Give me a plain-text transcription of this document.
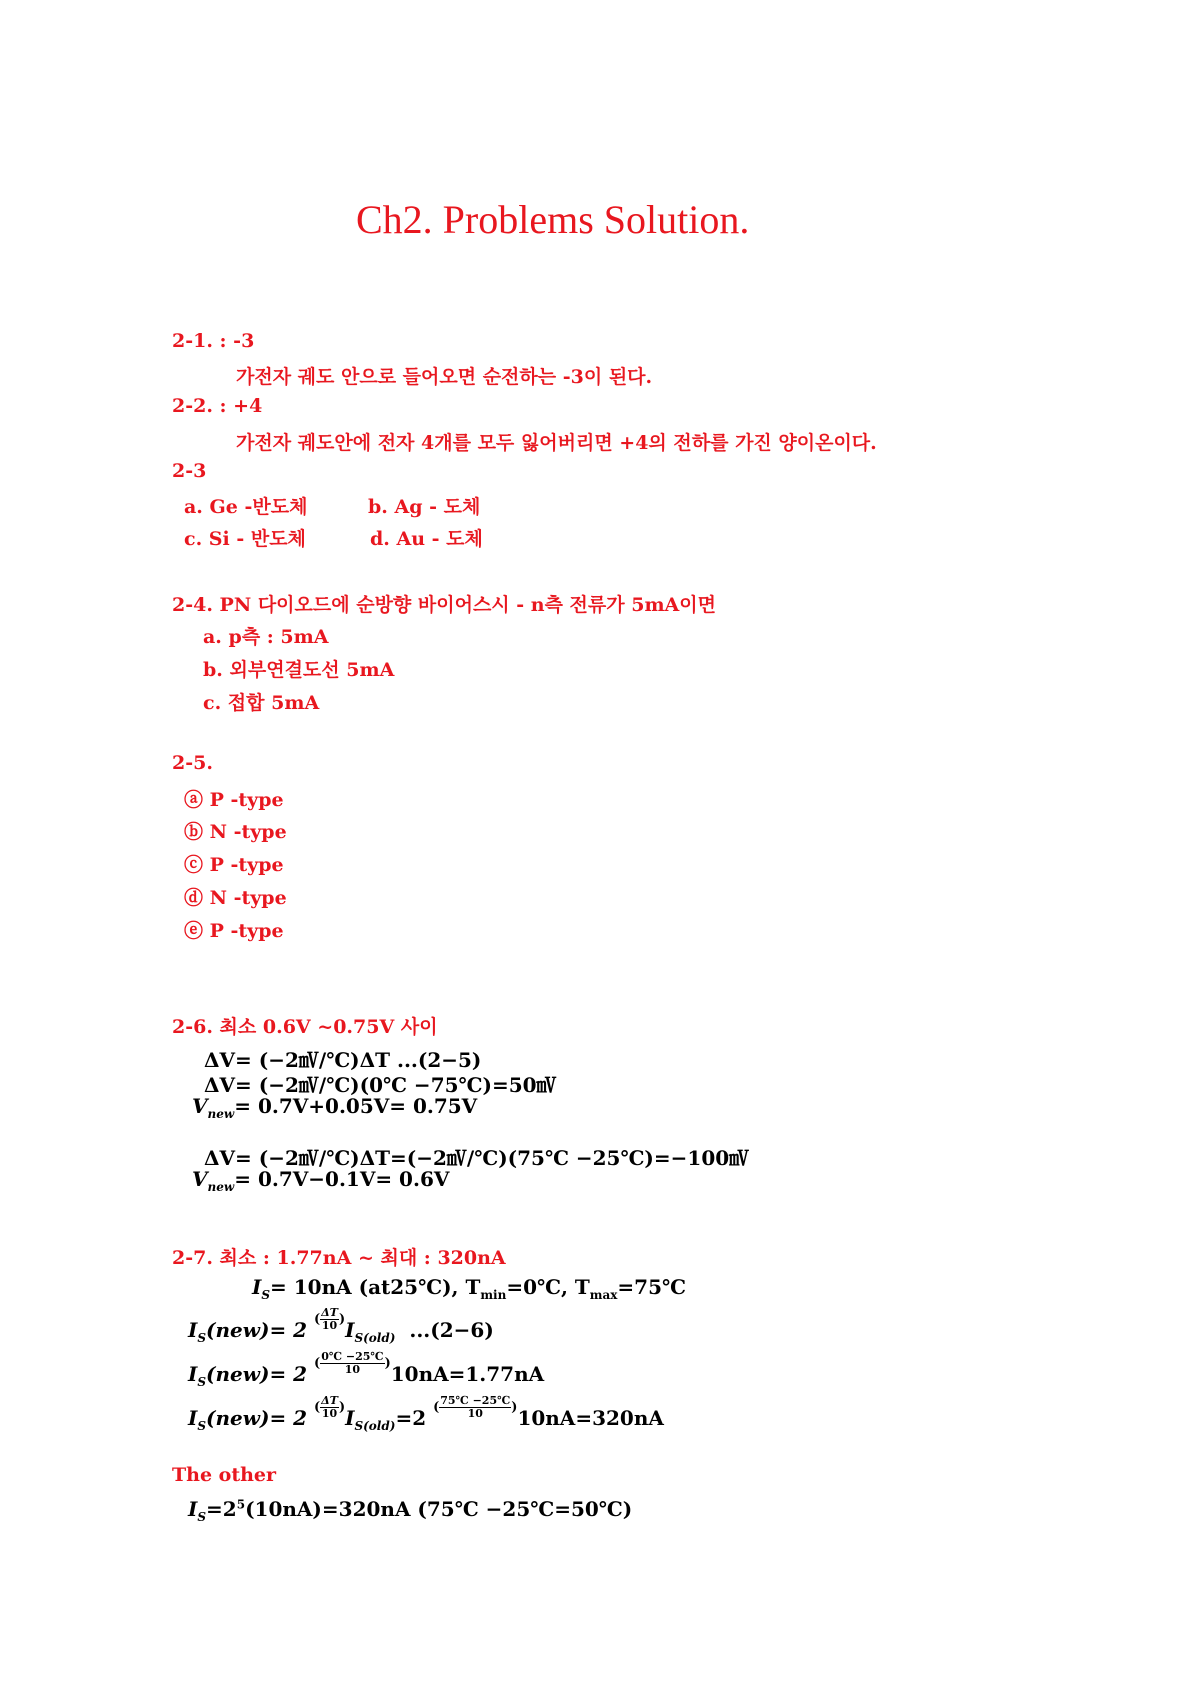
Ch2. Problems Solution.
2-1. : -3
가전자 궤도 안으로 들어오면 순전하는 -3이 된다.
2-2. : +4
가전자 궤도안에 전자 4개를 모두 잃어버리면 +4의 전하를 가진 양이온이다.
2-3
a. Ge -반도체	b. Ag - 도체
c. Si - 반도체	d. Au - 도체
2-4. PN 다이오드에 순방향 바이어스시 - n측 전류가 5mA이면
a. p측 : 5mA
b. 외부연결도선 5mA
c. 접합 5mA
2-5.
ⓐ P -type
ⓑ N -type
ⓒ P -type
ⓓ N -type
ⓔ P -type
2-6. 최소 0.6V ~0.75V 사이
ΔV= (−2㎷/℃)ΔT ...(2−5)
ΔV= (−2㎷/℃)(0℃ −75℃)=50㎷
$V_{new}= 0.7V+0.05V= 0.75V$
ΔV= (−2㎷/℃)ΔT=(−2㎷/℃)(75℃ −25℃)=−100㎷
$V_{new}= 0.7V-0.1V= 0.6V$
2-7. 최소 : 1.77nA ~ 최대 : 320nA
$I_S= 10nA$ (at25℃), $T_{min}=0℃$, $T_{max}=75℃$
$I_S(new)= 2$ $^{( \frac{\Delta T}{10} )}I_{S(old)}$ ...(2−6)
$I_S(new)= 2$ $^{( \frac{0℃ -25℃}{10} )}$10nA=1.77nA
$I_S(new)= 2$ $^{( \frac{\Delta T}{10} )}I_{S(old)}=2$ $^{( \frac{75℃ -25℃}{10} )}$10nA=320nA
The other
$I_S=2^5(10nA)=320nA$ (75℃ −25℃=50℃)
